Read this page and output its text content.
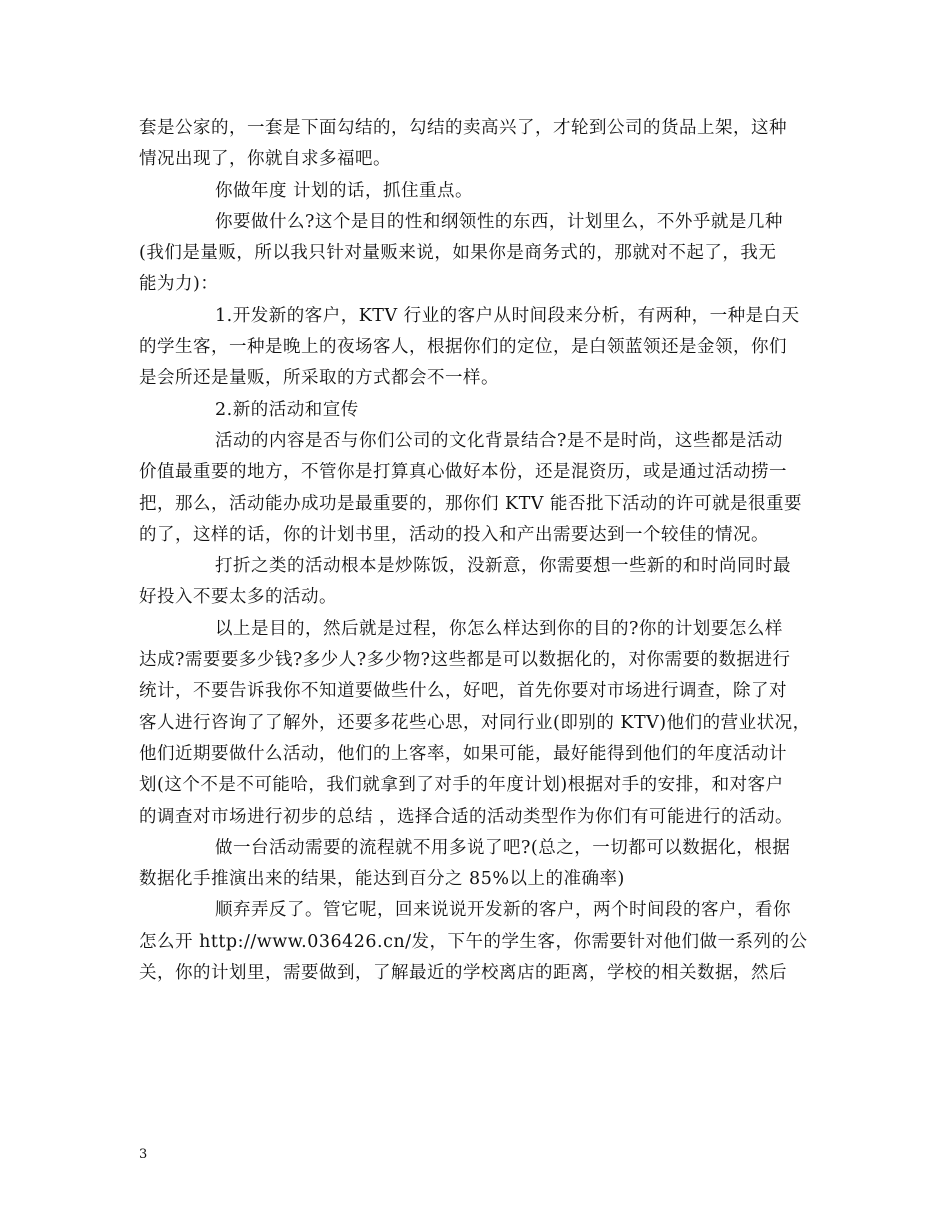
套是公家的，一套是下面勾结的，勾结的卖高兴了，才轮到公司的货品上架，这种
情况出现了，你就自求多福吧。
你做年度 计划的话，抓住重点。
你要做什么?这个是目的性和纲领性的东西，计划里么，不外乎就是几种
(我们是量贩，所以我只针对量贩来说，如果你是商务式的，那就对不起了，我无
能为力)：
1.开发新的客户，KTV 行业的客户从时间段来分析，有两种，一种是白天
的学生客，一种是晚上的夜场客人，根据你们的定位，是白领蓝领还是金领，你们
是会所还是量贩，所采取的方式都会不一样。
2.新的活动和宣传
活动的内容是否与你们公司的文化背景结合?是不是时尚，这些都是活动
价值最重要的地方，不管你是打算真心做好本份，还是混资历，或是通过活动捞一
把，那么，活动能办成功是最重要的，那你们 KTV 能否批下活动的许可就是很重要
的了，这样的话，你的计划书里，活动的投入和产出需要达到一个较佳的情况。
打折之类的活动根本是炒陈饭，没新意，你需要想一些新的和时尚同时最
好投入不要太多的活动。
以上是目的，然后就是过程，你怎么样达到你的目的?你的计划要怎么样
达成?需要要多少钱?多少人?多少物?这些都是可以数据化的，对你需要的数据进行
统计，不要告诉我你不知道要做些什么，好吧，首先你要对市场进行调查，除了对
客人进行咨询了了解外，还要多花些心思，对同行业(即别的 KTV)他们的营业状况，
他们近期要做什么活动，他们的上客率，如果可能，最好能得到他们的年度活动计
划(这个不是不可能哈，我们就拿到了对手的年度计划)根据对手的安排，和对客户
的调查对市场进行初步的总结 ，选择合适的活动类型作为你们有可能进行的活动。
做一台活动需要的流程就不用多说了吧?(总之，一切都可以数据化，根据
数据化手推演出来的结果，能达到百分之 85%以上的准确率)
顺弃弄反了。管它呢，回来说说开发新的客户，两个时间段的客户，看你
怎么开 http://www.036426.cn/发，下午的学生客，你需要针对他们做一系列的公
关，你的计划里，需要做到，了解最近的学校离店的距离，学校的相关数据，然后
3
